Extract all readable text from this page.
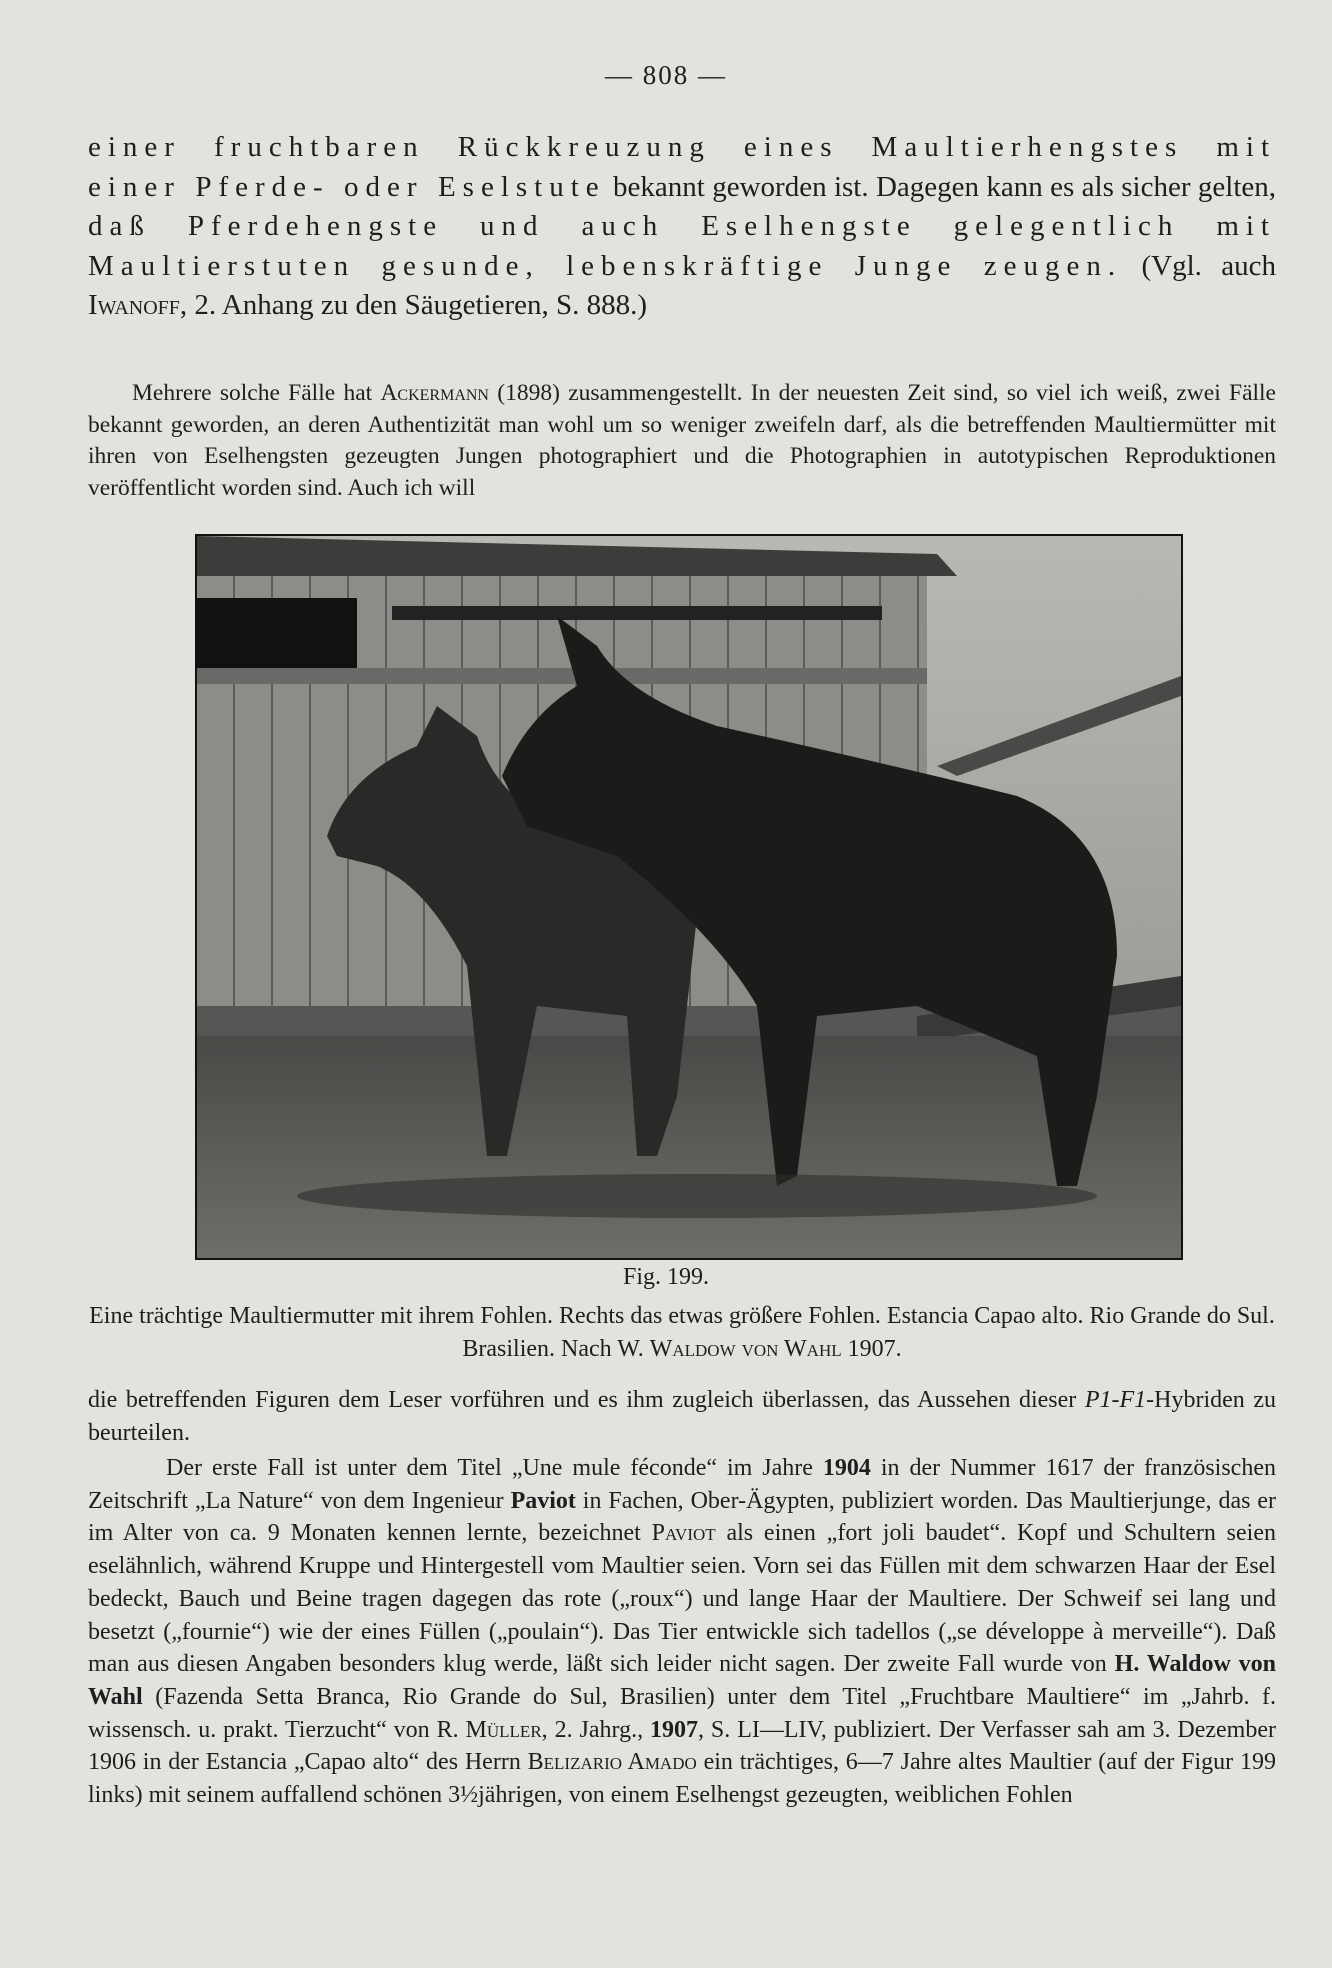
— 808 —

einer fruchtbaren Rückkreuzung eines Maultierhengstes mit einer Pferde- oder Eselstute bekannt geworden ist. Dagegen kann es als sicher gelten, daß Pferdehengste und auch Eselhengste gelegentlich mit Maultierstuten gesunde, lebenskräftige Junge zeugen. (Vgl. auch Iwanoff, 2. Anhang zu den Säugetieren, S. 888.)

Mehrere solche Fälle hat Ackermann (1898) zusammengestellt. In der neuesten Zeit sind, so viel ich weiß, zwei Fälle bekannt geworden, an deren Authentizität man wohl um so weniger zweifeln darf, als die betreffenden Maultiermütter mit ihren von Eselhengsten gezeugten Jungen photographiert und die Photographien in autotypischen Reproduktionen veröffentlicht worden sind. Auch ich will

Fig. 199.

Eine trächtige Maultiermutter mit ihrem Fohlen. Rechts das etwas größere Fohlen. Estancia Capao alto. Rio Grande do Sul. Brasilien. Nach W. Waldow von Wahl 1907.

die betreffenden Figuren dem Leser vorführen und es ihm zugleich überlassen, das Aussehen dieser P1-F1-Hybriden zu beurteilen.

Der erste Fall ist unter dem Titel „Une mule féconde“ im Jahre 1904 in der Nummer 1617 der französischen Zeitschrift „La Nature“ von dem Ingenieur Paviot in Fachen, Ober-Ägypten, publiziert worden. Das Maultierjunge, das er im Alter von ca. 9 Monaten kennen lernte, bezeichnet Paviot als einen „fort joli baudet“. Kopf und Schultern seien eselähnlich, während Kruppe und Hintergestell vom Maultier seien. Vorn sei das Füllen mit dem schwarzen Haar der Esel bedeckt, Bauch und Beine tragen dagegen das rote („roux“) und lange Haar der Maultiere. Der Schweif sei lang und besetzt („fournie“) wie der eines Füllen („poulain“). Das Tier entwickle sich tadellos („se développe à merveille“). Daß man aus diesen Angaben besonders klug werde, läßt sich leider nicht sagen. Der zweite Fall wurde von H. Waldow von Wahl (Fazenda Setta Branca, Rio Grande do Sul, Brasilien) unter dem Titel „Fruchtbare Maultiere“ im „Jahrb. f. wissensch. u. prakt. Tierzucht“ von R. Müller, 2. Jahrg., 1907, S. LI—LIV, publiziert. Der Verfasser sah am 3. Dezember 1906 in der Estancia „Capao alto“ des Herrn Belizario Amado ein trächtiges, 6—7 Jahre altes Maultier (auf der Figur 199 links) mit seinem auffallend schönen 3½jährigen, von einem Eselhengst gezeugten, weiblichen Fohlen
